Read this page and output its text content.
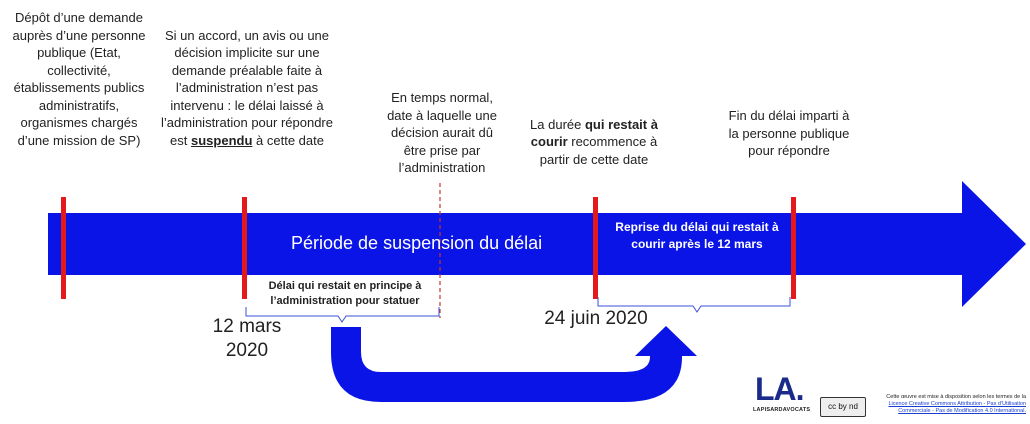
Dépôt d’une demande auprès d’une personne publique (Etat, collectivité, établissements publics administratifs, organismes chargés d’une mission de SP)

Si un accord, un avis ou une décision implicite sur une demande préalable faite à l’administration n’est pas intervenu : le délai laissé à l’administration pour répondre est suspendu à cette date

En temps normal, date à laquelle une décision aurait dû être prise par l’administration

La durée qui restait à courir recommence à partir de cette date

Fin du délai imparti à la personne publique pour répondre
Période de suspension du délai
Reprise du délai qui restait à courir après le 12 mars
Délai qui restait en principe à l’administration pour statuer
12 mars 2020
24 juin 2020
LA.
LAPISARDAVOCATS	cc by nd
Cette œuvre est mise à disposition selon les termes de la Licence Creative Commons Attribution - Pas d’Utilisation Commerciale - Pas de Modification 4.0 International.
